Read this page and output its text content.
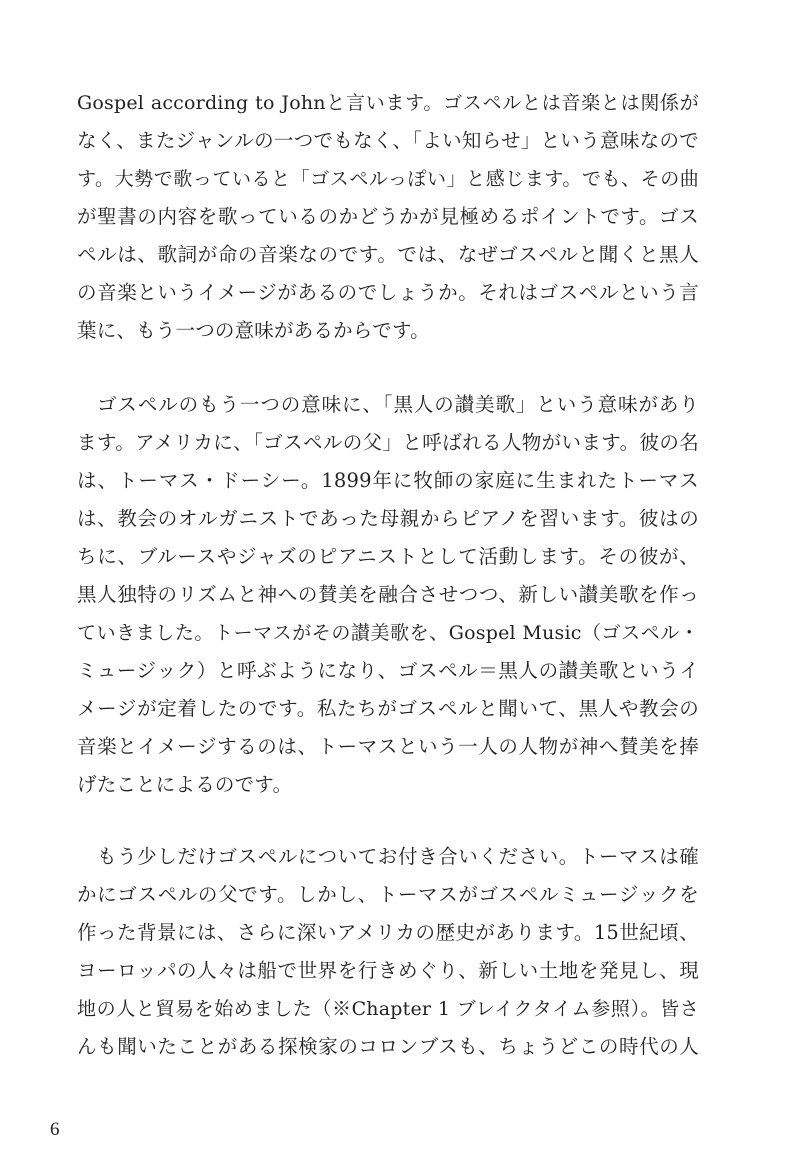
Gospel according to Johnと言います。ゴスペルとは音楽とは関係が
なく、またジャンルの一つでもなく、「よい知らせ」という意味なので
す。大勢で歌っていると「ゴスペルっぽい」と感じます。でも、その曲
が聖書の内容を歌っているのかどうかが見極めるポイントです。ゴス
ペルは、歌詞が命の音楽なのです。では、なぜゴスペルと聞くと黒人
の音楽というイメージがあるのでしょうか。それはゴスペルという言
葉に、もう一つの意味があるからです。
ゴスペルのもう一つの意味に、「黒人の讃美歌」という意味があり
ます。アメリカに、「ゴスペルの父」と呼ばれる人物がいます。彼の名
は、トーマス・ドーシー。1899年に牧師の家庭に生まれたトーマス
は、教会のオルガニストであった母親からピアノを習います。彼はの
ちに、ブルースやジャズのピアニストとして活動します。その彼が、
黒人独特のリズムと神への賛美を融合させつつ、新しい讃美歌を作っ
ていきました。トーマスがその讃美歌を、Gospel Music（ゴスペル・
ミュージック）と呼ぶようになり、ゴスペル＝黒人の讃美歌というイ
メージが定着したのです。私たちがゴスペルと聞いて、黒人や教会の
音楽とイメージするのは、トーマスという一人の人物が神へ賛美を捧
げたことによるのです。
もう少しだけゴスペルについてお付き合いください。トーマスは確
かにゴスペルの父です。しかし、トーマスがゴスペルミュージックを
作った背景には、さらに深いアメリカの歴史があります。15世紀頃、
ヨーロッパの人々は船で世界を行きめぐり、新しい土地を発見し、現
地の人と貿易を始めました（※Chapter 1 ブレイクタイム参照）。皆さ
んも聞いたことがある探検家のコロンブスも、ちょうどこの時代の人
6
